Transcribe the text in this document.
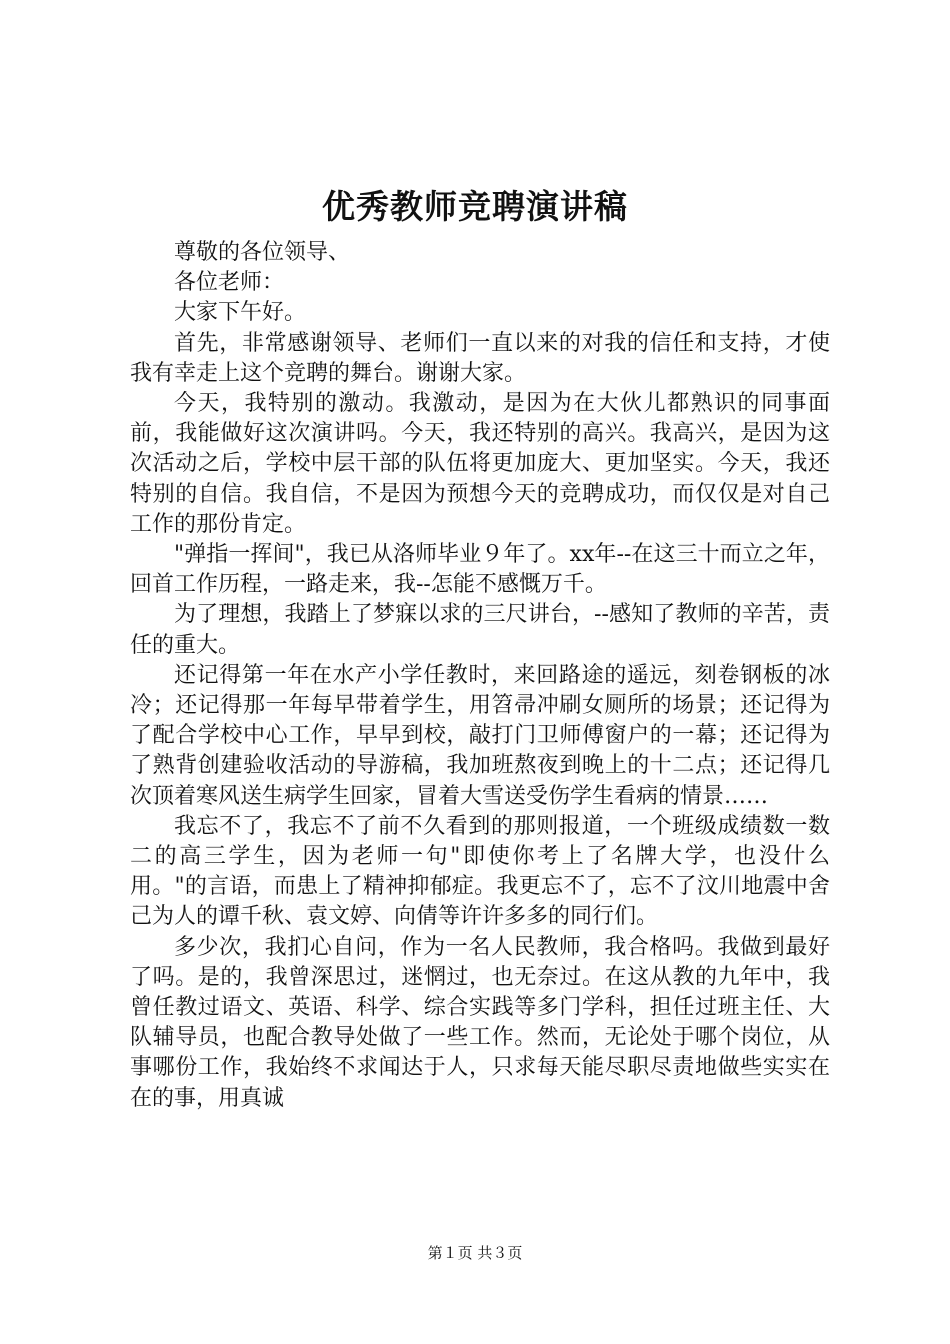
优秀教师竞聘演讲稿

尊敬的各位领导、

各位老师：

大家下午好。

首先，非常感谢领导、老师们一直以来的对我的信任和支持，才使我有幸走上这个竞聘的舞台。谢谢大家。

今天，我特别的激动。我激动，是因为在大伙儿都熟识的同事面前，我能做好这次演讲吗。今天，我还特别的高兴。我高兴，是因为这次活动之后，学校中层干部的队伍将更加庞大、更加坚实。今天，我还特别的自信。我自信，不是因为预想今天的竞聘成功，而仅仅是对自己工作的那份肯定。

"弹指一挥间"，我已从洛师毕业９年了。xx年--在这三十而立之年，回首工作历程，一路走来，我--怎能不感慨万千。

为了理想，我踏上了梦寐以求的三尺讲台，--感知了教师的辛苦，责任的重大。

还记得第一年在水产小学任教时，来回路途的遥远，刻卷钢板的冰冷；还记得那一年每早带着学生，用笤帚冲刷女厕所的场景；还记得为了配合学校中心工作，早早到校，敲打门卫师傅窗户的一幕；还记得为了熟背创建验收活动的导游稿，我加班熬夜到晚上的十二点；还记得几次顶着寒风送生病学生回家，冒着大雪送受伤学生看病的情景……

我忘不了，我忘不了前不久看到的那则报道，一个班级成绩数一数二的高三学生，因为老师一句"即使你考上了名牌大学，也没什么用。"的言语，而患上了精神抑郁症。我更忘不了，忘不了汶川地震中舍己为人的谭千秋、袁文婷、向倩等许许多多的同行们。

多少次，我扪心自问，作为一名人民教师，我合格吗。我做到最好了吗。是的，我曾深思过，迷惘过，也无奈过。在这从教的九年中，我曾任教过语文、英语、科学、综合实践等多门学科，担任过班主任、大队辅导员，也配合教导处做了一些工作。然而，无论处于哪个岗位，从事哪份工作，我始终不求闻达于人，只求每天能尽职尽责地做些实实在在的事，用真诚

第１页 共３页
